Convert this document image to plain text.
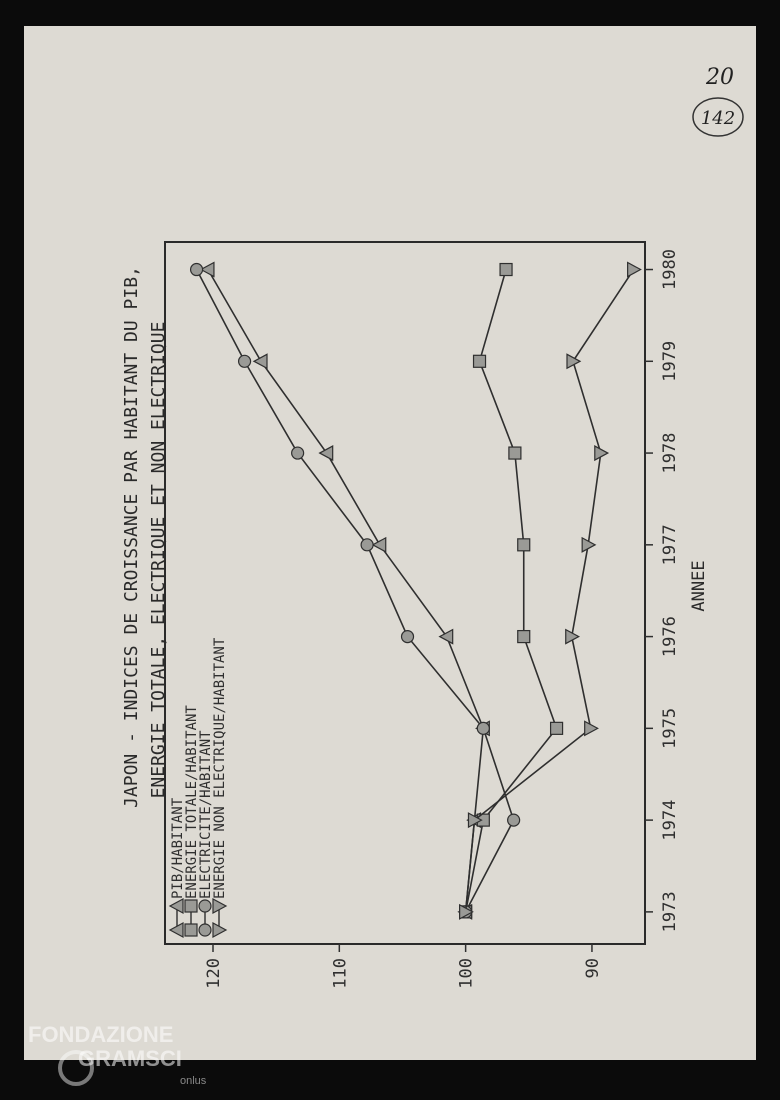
20
142
JAPON - INDICES DE CROISSANCE PAR HABITANT DU PIB, ENERGIE TOTALE, ELECTRIQUE ET NON ELECTRIQUE
1973
1974
1975
1976
1977
1978
1979
1980
90
100
110
120
PIB/HABITANT
ENERGIE TOTALE/HABITANT
ELECTRICITE/HABITANT
ENERGIE NON ELECTRIQUE/HABITANT
ANNEE
FONDAZIONE
GRAMSCI
onlus
